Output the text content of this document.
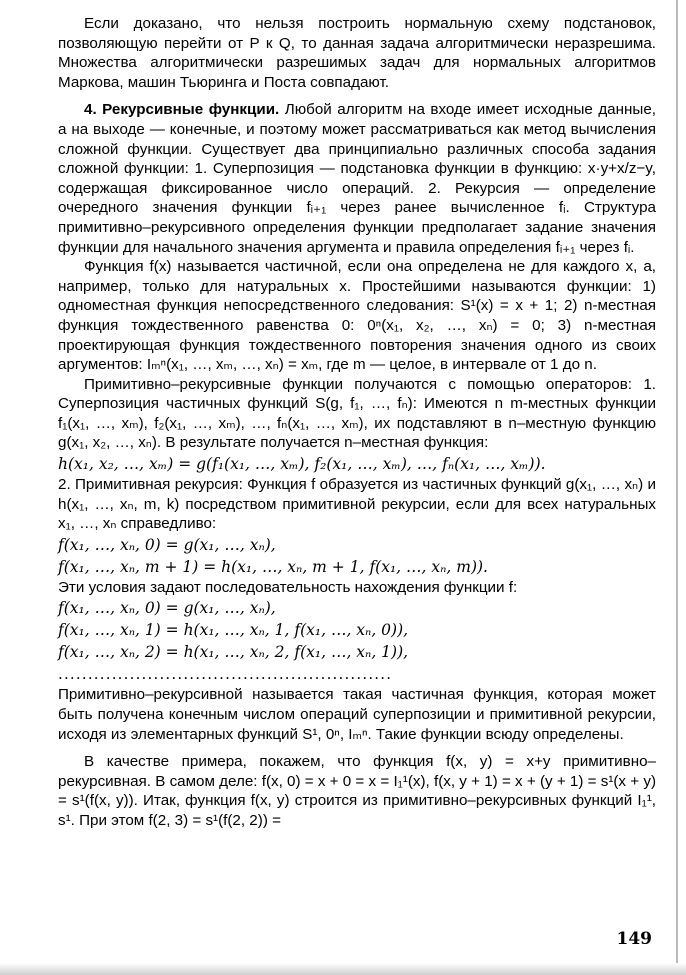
Если доказано, что нельзя построить нормальную схему подстановок, позволяющую перейти от P к Q, то данная задача алгоритмически неразрешима. Множества алгоритмически разрешимых задач для нормальных алгоритмов Маркова, машин Тьюринга и Поста совпадают.

4. Рекурсивные функции. Любой алгоритм на входе имеет исходные данные, а на выходе — конечные, и поэтому может рассматриваться как метод вычисления сложной функции. Существует два принципиально различных способа задания сложной функции: 1. Суперпозиция — подстановка функции в функцию: x·y+x/z−y, содержащая фиксированное число операций. 2. Рекурсия — определение очередного значения функции fᵢ₊₁ через ранее вычисленное fᵢ. Структура примитивно–рекурсивного определения функции предполагает задание значения функции для начального значения аргумента и правила определения fᵢ₊₁ через fᵢ.

Функция f(x) называется частичной, если она определена не для каждого x, а, например, только для натуральных x. Простейшими называются функции: 1) одноместная функция непосредственного следования: S¹(x) = x + 1; 2) n-местная функция тождественного равенства 0: 0ⁿ(x₁, x₂, …, xₙ) = 0; 3) n-местная проектирующая функция тождественного повторения значения одного из своих аргументов: Iₘⁿ(x₁, …, xₘ, …, xₙ) = xₘ, где m — целое, в интервале от 1 до n.

Примитивно–рекурсивные функции получаются с помощью операторов: 1. Суперпозиция частичных функций S(g, f₁, …, fₙ): Имеются n m-местных функции f₁(x₁, …, xₘ), f₂(x₁, …, xₘ), …, fₙ(x₁, …, xₘ), их подставляют в n–местную функцию g(x₁, x₂, …, xₙ). В результате получается n–местная функция:

h(x₁, x₂, …, xₘ) = g(f₁(x₁, …, xₘ), f₂(x₁, …, xₘ), …, fₙ(x₁, …, xₘ)).

2. Примитивная рекурсия: Функция f образуется из частичных функций g(x₁, …, xₙ) и h(x₁, …, xₙ, m, k) посредством примитивной рекурсии, если для всех натуральных x₁, …, xₙ справедливо:

f(x₁, …, xₙ, 0) = g(x₁, …, xₙ),
f(x₁, …, xₙ, m + 1) = h(x₁, …, xₙ, m + 1, f(x₁, …, xₙ, m)).

Эти условия задают последовательность нахождения функции f:

f(x₁, …, xₙ, 0) = g(x₁, …, xₙ),
f(x₁, …, xₙ, 1) = h(x₁, …, xₙ, 1, f(x₁, …, xₙ, 0)),
f(x₁, …, xₙ, 2) = h(x₁, …, xₙ, 2, f(x₁, …, xₙ, 1)),
........................................................

Примитивно–рекурсивной называется такая частичная функция, которая может быть получена конечным числом операций суперпозиции и примитивной рекурсии, исходя из элементарных функций S¹, 0ⁿ, Iₘⁿ. Такие функции всюду определены.

В качестве примера, покажем, что функция f(x, y) = x+y примитивно–рекурсивная. В самом деле: f(x, 0) = x + 0 = x = I₁¹(x), f(x, y + 1) = x + (y + 1) = s¹(x + y) = s¹(f(x, y)). Итак, функция f(x, y) строится из примитивно–рекурсивных функций I₁¹, s¹. При этом f(2, 3) = s¹(f(2, 2)) =

149
